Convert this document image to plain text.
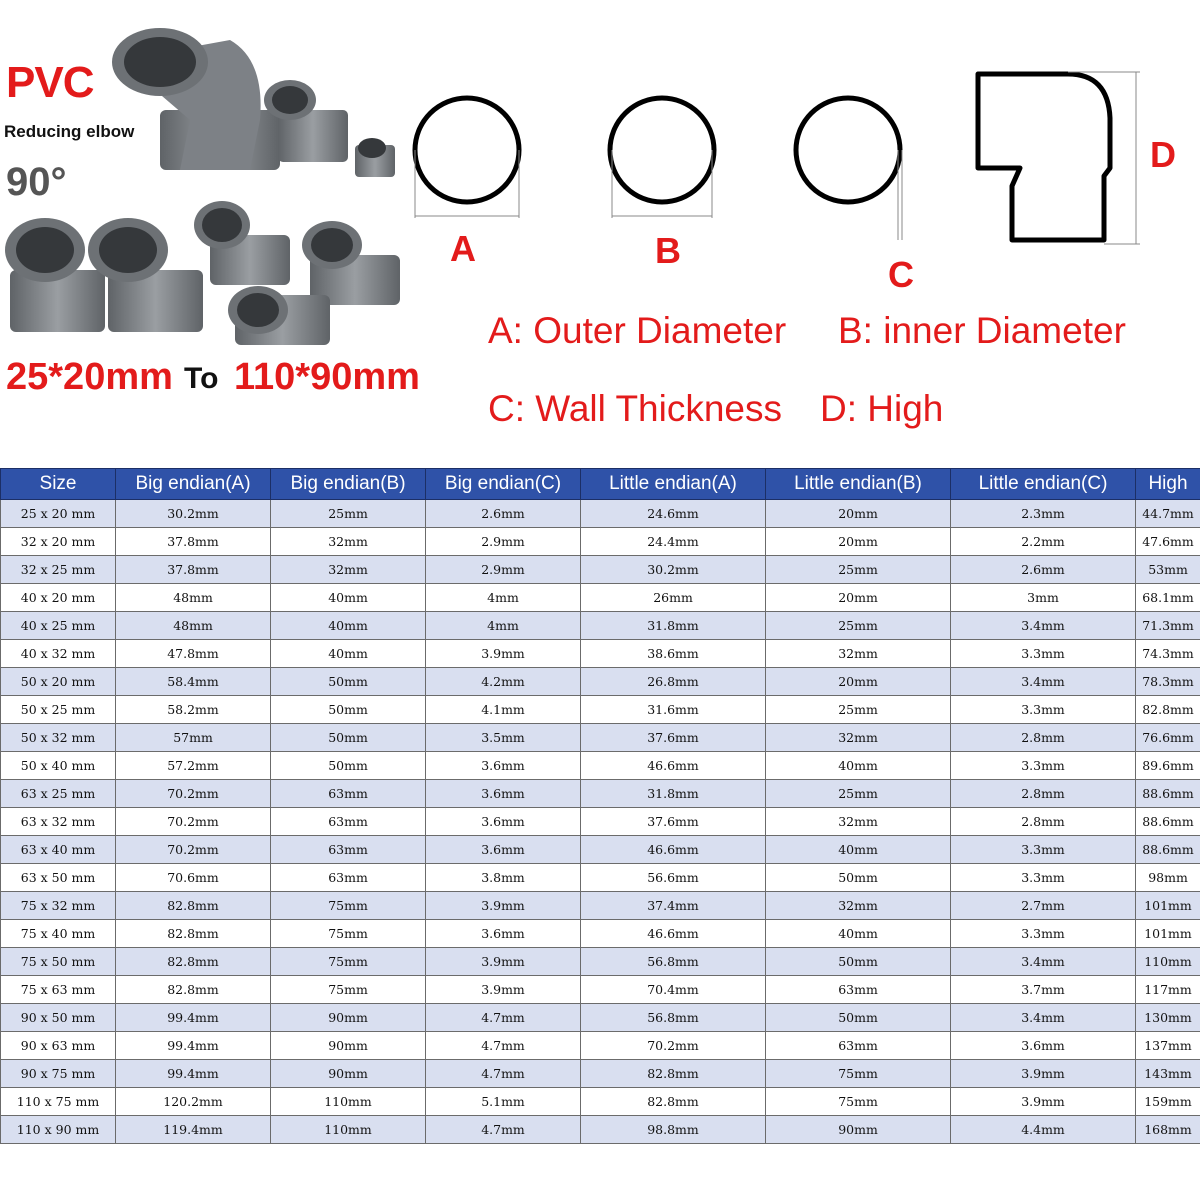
PVC
Reducing elbow
90°
25*20mm To 110*90mm
A	B
C
D
A: Outer Diameter B: inner Diameter
C: Wall Thickness D: High
Size	Big endian(A)	Big endian(B)	Big endian(C)	Little endian(A)	Little endian(B)	Little endian(C)	High
25 x 20 mm	30.2mm	25mm	2.6mm	24.6mm	20mm	2.3mm	44.7mm
32 x 20 mm	37.8mm	32mm	2.9mm	24.4mm	20mm	2.2mm	47.6mm
32 x 25 mm	37.8mm	32mm	2.9mm	30.2mm	25mm	2.6mm	53mm
40 x 20 mm	48mm	40mm	4mm	26mm	20mm	3mm	68.1mm
40 x 25 mm	48mm	40mm	4mm	31.8mm	25mm	3.4mm	71.3mm
40 x 32 mm	47.8mm	40mm	3.9mm	38.6mm	32mm	3.3mm	74.3mm
50 x 20 mm	58.4mm	50mm	4.2mm	26.8mm	20mm	3.4mm	78.3mm
50 x 25 mm	58.2mm	50mm	4.1mm	31.6mm	25mm	3.3mm	82.8mm
50 x 32 mm	57mm	50mm	3.5mm	37.6mm	32mm	2.8mm	76.6mm
50 x 40 mm	57.2mm	50mm	3.6mm	46.6mm	40mm	3.3mm	89.6mm
63 x 25 mm	70.2mm	63mm	3.6mm	31.8mm	25mm	2.8mm	88.6mm
63 x 32 mm	70.2mm	63mm	3.6mm	37.6mm	32mm	2.8mm	88.6mm
63 x 40 mm	70.2mm	63mm	3.6mm	46.6mm	40mm	3.3mm	88.6mm
63 x 50 mm	70.6mm	63mm	3.8mm	56.6mm	50mm	3.3mm	98mm
75 x 32 mm	82.8mm	75mm	3.9mm	37.4mm	32mm	2.7mm	101mm
75 x 40 mm	82.8mm	75mm	3.6mm	46.6mm	40mm	3.3mm	101mm
75 x 50 mm	82.8mm	75mm	3.9mm	56.8mm	50mm	3.4mm	110mm
75 x 63 mm	82.8mm	75mm	3.9mm	70.4mm	63mm	3.7mm	117mm
90 x 50 mm	99.4mm	90mm	4.7mm	56.8mm	50mm	3.4mm	130mm
90 x 63 mm	99.4mm	90mm	4.7mm	70.2mm	63mm	3.6mm	137mm
90 x 75 mm	99.4mm	90mm	4.7mm	82.8mm	75mm	3.9mm	143mm
110 x 75 mm	120.2mm	110mm	5.1mm	82.8mm	75mm	3.9mm	159mm
110 x 90 mm	119.4mm	110mm	4.7mm	98.8mm	90mm	4.4mm	168mm
